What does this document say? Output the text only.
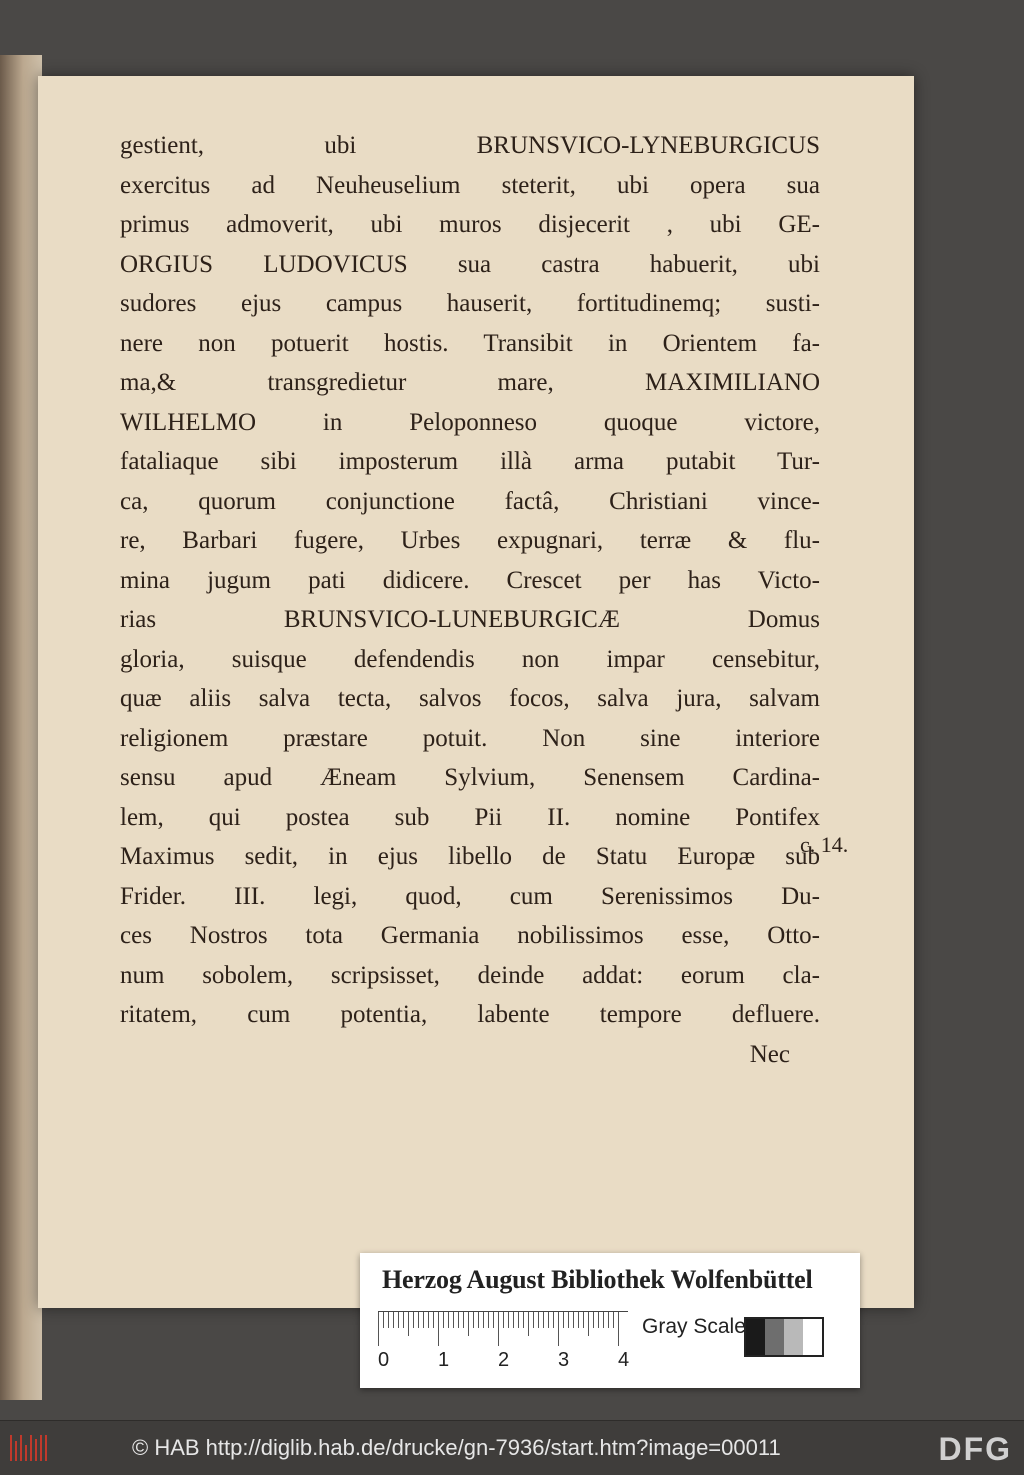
gestient, ubi BRUNSVICO-LYNEBURGICUS
exercitus ad Neuheuselium steterit, ubi opera sua
primus admoverit, ubi muros disjecerit , ubi GE-
ORGIUS LUDOVICUS sua castra habuerit, ubi
sudores ejus campus hauserit, fortitudinemq; susti-
nere non potuerit hostis. Transibit in Orientem fa-
ma,& transgredietur mare, MAXIMILIANO
WILHELMO in Peloponneso quoque victore,
fataliaque sibi imposterum illà arma putabit Tur-
ca, quorum conjunctione factâ, Christiani vince-
re, Barbari fugere, Urbes expugnari, terræ & flu-
mina jugum pati didicere. Crescet per has Victo-
rias BRUNSVICO-LUNEBURGICÆ Domus
gloria, suisque defendendis non impar censebitur,
quæ aliis salva tecta, salvos focos, salva jura, salvam
religionem præstare potuit. Non sine interiore
sensu apud Æneam Sylvium, Senensem Cardina-
lem, qui postea sub Pii II. nomine Pontifex
Maximus sedit, in ejus libello de Statu Europæ sub
Frider. III. legi, quod, cum Serenissimos Du-
ces Nostros tota Germania nobilissimos esse, Otto-
num sobolem, scripsisset, deinde addat: eorum cla-
ritatem, cum potentia, labente tempore defluere.
Nec
c. 14.
Herzog August Bibliothek Wolfenbüttel
0 1 2 3 4
Gray Scale
© HAB http://diglib.hab.de/drucke/gn-7936/start.htm?image=00011	DFG
